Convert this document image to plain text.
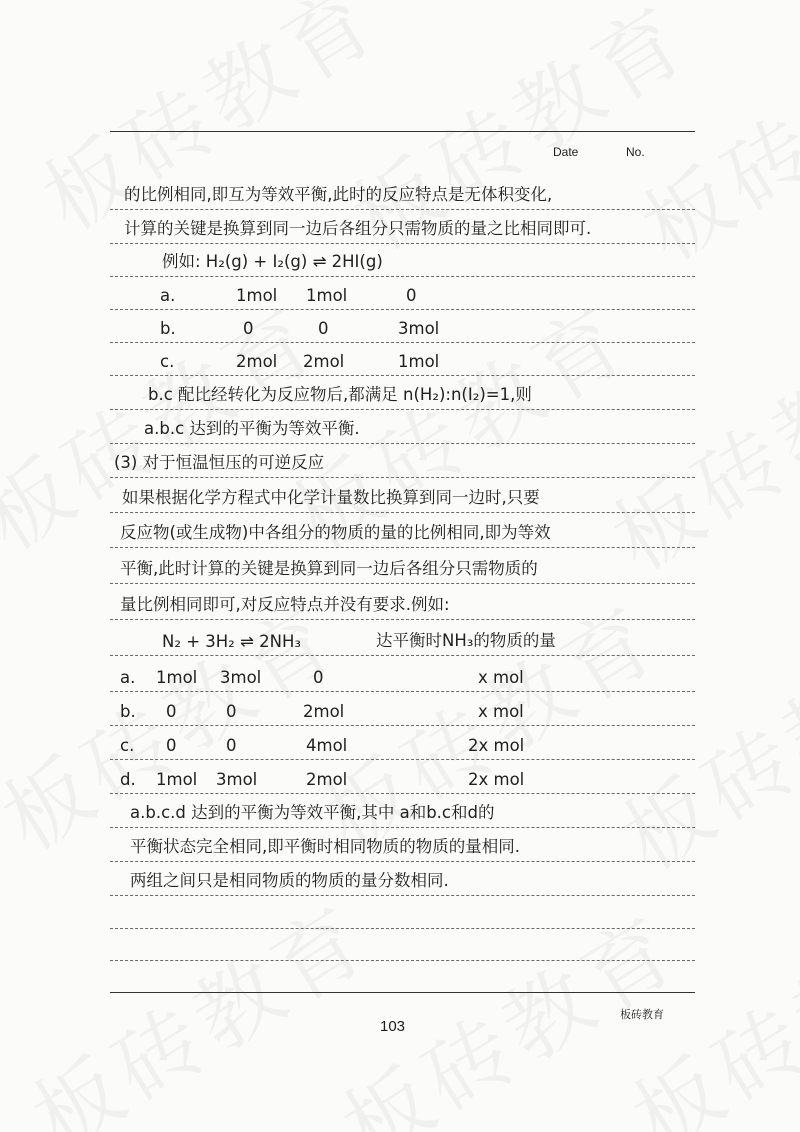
Date	No.
的比例相同,即互为等效平衡,此时的反应特点是无体积变化,
计算的关键是换算到同一边后各组分只需物质的量之比相同即可.
例如: H₂(g) + I₂(g) ⇌ 2HI(g)
a.	1mol 1mol	0
b.	0	0	3mol
c.	2mol 2mol	1mol
b.c 配比经转化为反应物后,都满足 n(H₂):n(I₂)=1,则
a.b.c 达到的平衡为等效平衡.
(3) 对于恒温恒压的可逆反应
如果根据化学方程式中化学计量数比换算到同一边时,只要
反应物(或生成物)中各组分的物质的量的比例相同,即为等效
平衡,此时计算的关键是换算到同一边后各组分只需物质的
量比例相同即可,对反应特点并没有要求.例如:
N₂ + 3H₂ ⇌ 2NH₃	达平衡时NH₃的物质的量
a. 1mol 3mol	0	x mol
b. 0	0	2mol	x mol
c. 0	0	4mol	2x mol
d. 1mol 3mol	2mol	2x mol
a.b.c.d 达到的平衡为等效平衡,其中 a和b.c和d的
平衡状态完全相同,即平衡时相同物质的物质的量相同.
两组之间只是相同物质的物质的量分数相同.
板砖教育
103
